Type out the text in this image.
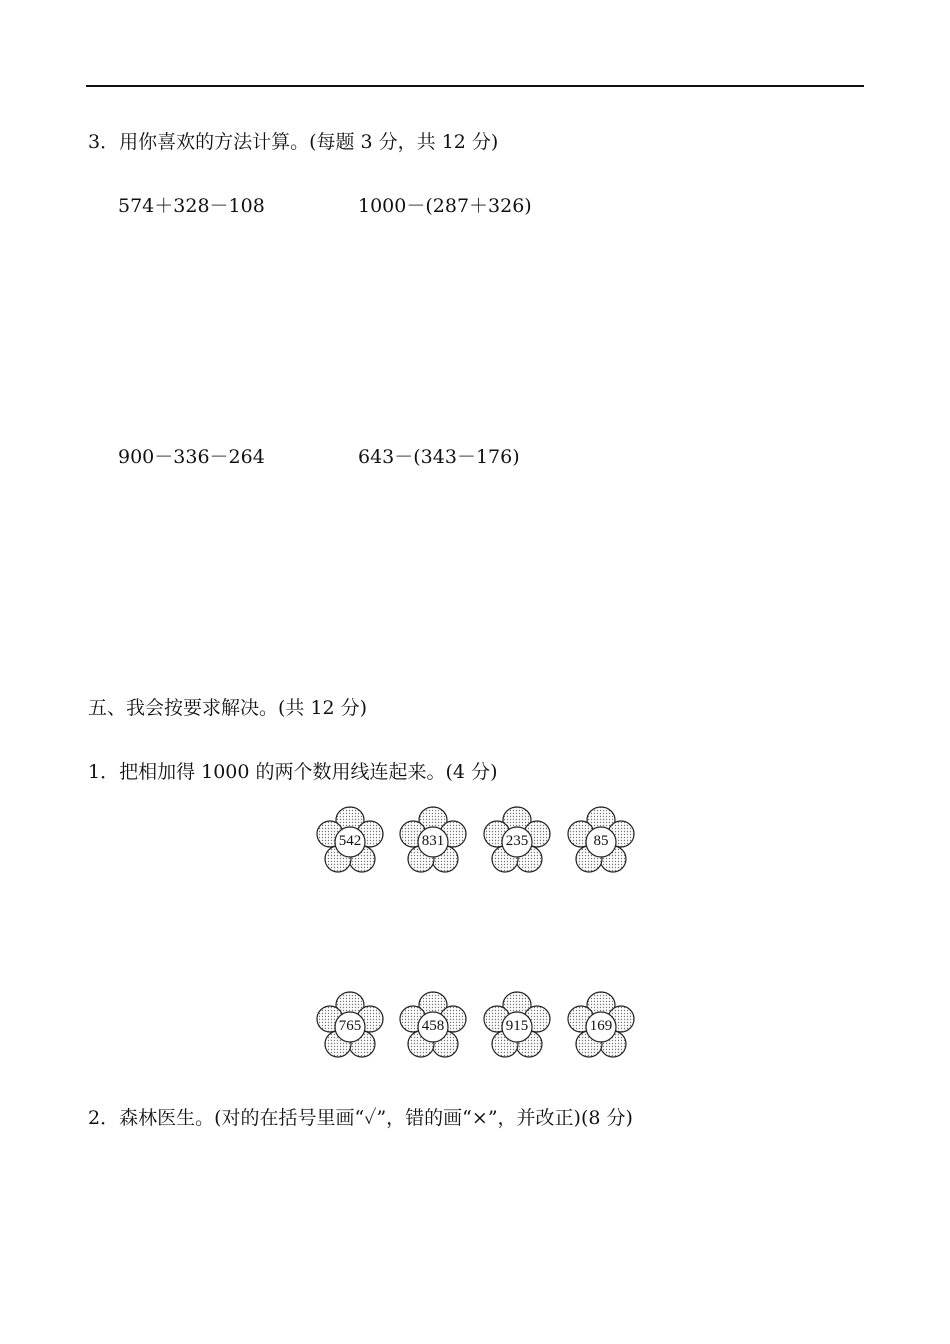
3．用你喜欢的方法计算。(每题 3 分，共 12 分)
574＋328－108	1000－(287＋326)
900－336－264	643－(343－176)
五、我会按要求解决。(共 12 分)
1．把相加得 1000 的两个数用线连起来。(4 分)
542	831	235	85
765	458	915	169
2．森林医生。(对的在括号里画“✓”，错的画“×”，并改正)(8 分)
